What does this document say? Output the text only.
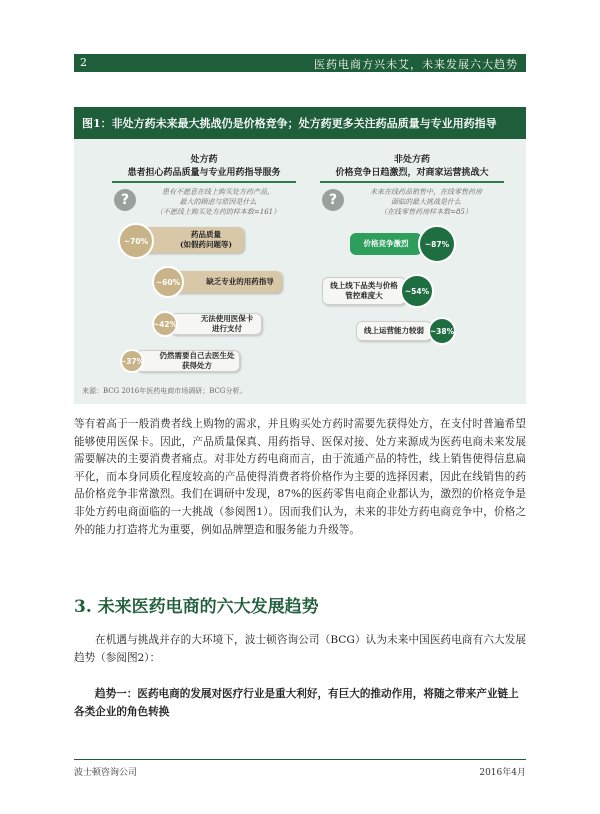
2	医药电商方兴未艾，未来发展六大趋势
图1：非处方药未来最大挑战仍是价格竞争；处方药更多关注药品质量与专业用药指导
处方药
患者担心药品质量与专业用药指导服务
非处方药
价格竞争日趋激烈，对商家运营挑战大
?	患有不愿意在线上购买处方药产品，
最大的顾虑与原因是什么
（不愿线上购买处方药的样本数=161）
?	未来在线药品销售中，在线零售药房
面临的最大挑战是什么
（在线零售药房样本数=85）
药品质量
(如假药问题等)
~70%
缺乏专业的用药指导
~60%
无法使用医保卡
进行支付
~42%
仍然需要自己去医生处
获得处方
~37%
价格竞争激烈	~87%
线上线下品类与价格
管控难度大	~54%
线上运营能力较弱 ~38%
来源：BCG 2016年医药电商市场调研；BCG分析。
等有着高于一般消费者线上购物的需求，并且购买处方药时需要先获得处方，在支付时普遍希望能够使用医保卡。因此，产品质量保真、用药指导、医保对接、处方来源成为医药电商未来发展需要解决的主要消费者痛点。对非处方药电商而言，由于流通产品的特性，线上销售使得信息扁平化，而本身同质化程度较高的产品使得消费者将价格作为主要的选择因素，因此在线销售的药品价格竞争非常激烈。我们在调研中发现，87%的医药零售电商企业都认为，激烈的价格竞争是非处方药电商面临的一大挑战（参阅图1）。因而我们认为，未来的非处方药电商竞争中，价格之外的能力打造将尤为重要，例如品牌塑造和服务能力升级等。
3. 未来医药电商的六大发展趋势
在机遇与挑战并存的大环境下，波士顿咨询公司（BCG）认为未来中国医药电商有六大发展趋势（参阅图2）：
趋势一：医药电商的发展对医疗行业是重大利好，有巨大的推动作用，将随之带来产业链上各类企业的角色转换
波士顿咨询公司	2016年4月
